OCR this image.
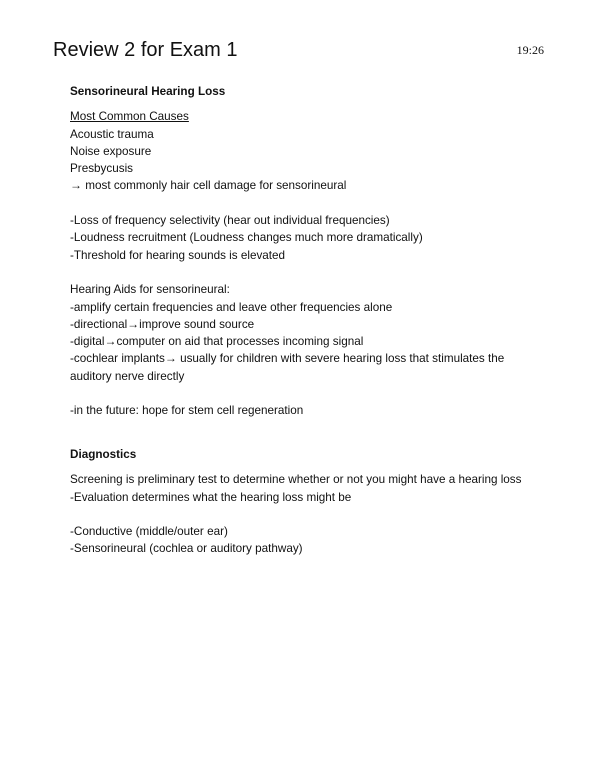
Review 2 for Exam 1	19:26
Sensorineural Hearing Loss
Most Common Causes
Acoustic trauma
Noise exposure
Presbycusis
→ most commonly hair cell damage for sensorineural
-Loss of frequency selectivity (hear out individual frequencies)
-Loudness recruitment (Loudness changes much more dramatically)
-Threshold for hearing sounds is elevated
Hearing Aids for sensorineural:
-amplify certain frequencies and leave other frequencies alone
-directional→improve sound source
-digital→computer on aid that processes incoming signal
-cochlear implants→ usually for children with severe hearing loss that stimulates the auditory nerve directly
-in the future: hope for stem cell regeneration
Diagnostics
Screening is preliminary test to determine whether or not you might have a hearing loss
-Evaluation determines what the hearing loss might be
-Conductive (middle/outer ear)
-Sensorineural (cochlea or auditory pathway)
